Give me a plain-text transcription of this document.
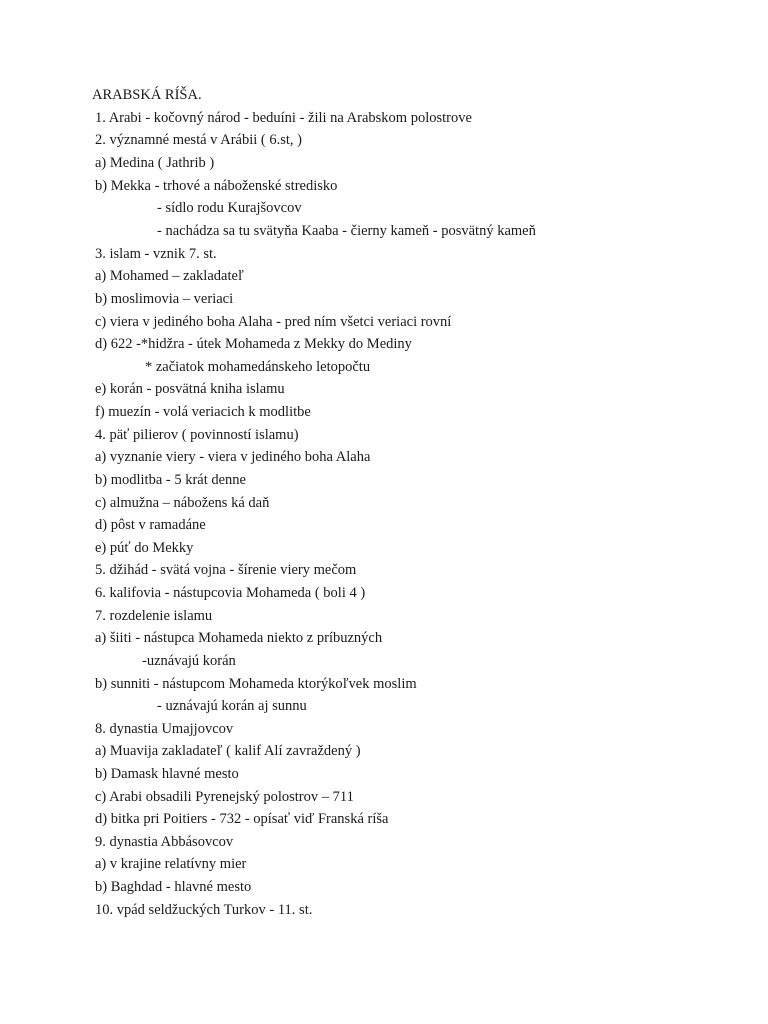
ARABSKÁ RÍŠA.
1. Arabi - kočovný národ - beduíni - žili na Arabskom polostrove
2. významné mestá v Arábii ( 6.st, )
a) Medina ( Jathrib )
b) Mekka - trhové a náboženské stredisko
- sídlo rodu Kurajšovcov
- nachádza sa tu svätyňa Kaaba - čierny kameň - posvätný kameň
3. islam - vznik 7. st.
a) Mohamed – zakladateľ
b) moslimovia – veriaci
c) viera v jediného boha Alaha - pred ním všetci veriaci rovní
d) 622 -*hidžra - útek Mohameda z Mekky do Mediny
* začiatok mohamedánskeho letopočtu
e) korán - posvätná kniha islamu
f) muezín - volá veriacich k modlitbe
4. päť pilierov ( povinností islamu)
a) vyznanie viery - viera v jediného boha Alaha
b) modlitba - 5 krát denne
c) almužna – nábožens ká daň
d) pôst v ramadáne
e) púť do Mekky
5. džihád - svätá vojna - šírenie viery mečom
6. kalifovia - nástupcovia Mohameda ( boli 4 )
7. rozdelenie islamu
a) šiiti - nástupca Mohameda niekto z príbuzných
-uznávajú korán
b) sunniti - nástupcom Mohameda ktorýkoľvek moslim
- uznávajú korán aj sunnu
8. dynastia Umajjovcov
a) Muavija zakladateľ ( kalif Alí zavraždený )
b) Damask hlavné mesto
c) Arabi obsadili Pyrenejský polostrov – 711
d) bitka pri Poitiers - 732 - opísať viď Franská ríša
9. dynastia Abbásovcov
a) v krajine relatívny mier
b) Baghdad - hlavné mesto
10. vpád seldžuckých Turkov - 11. st.
